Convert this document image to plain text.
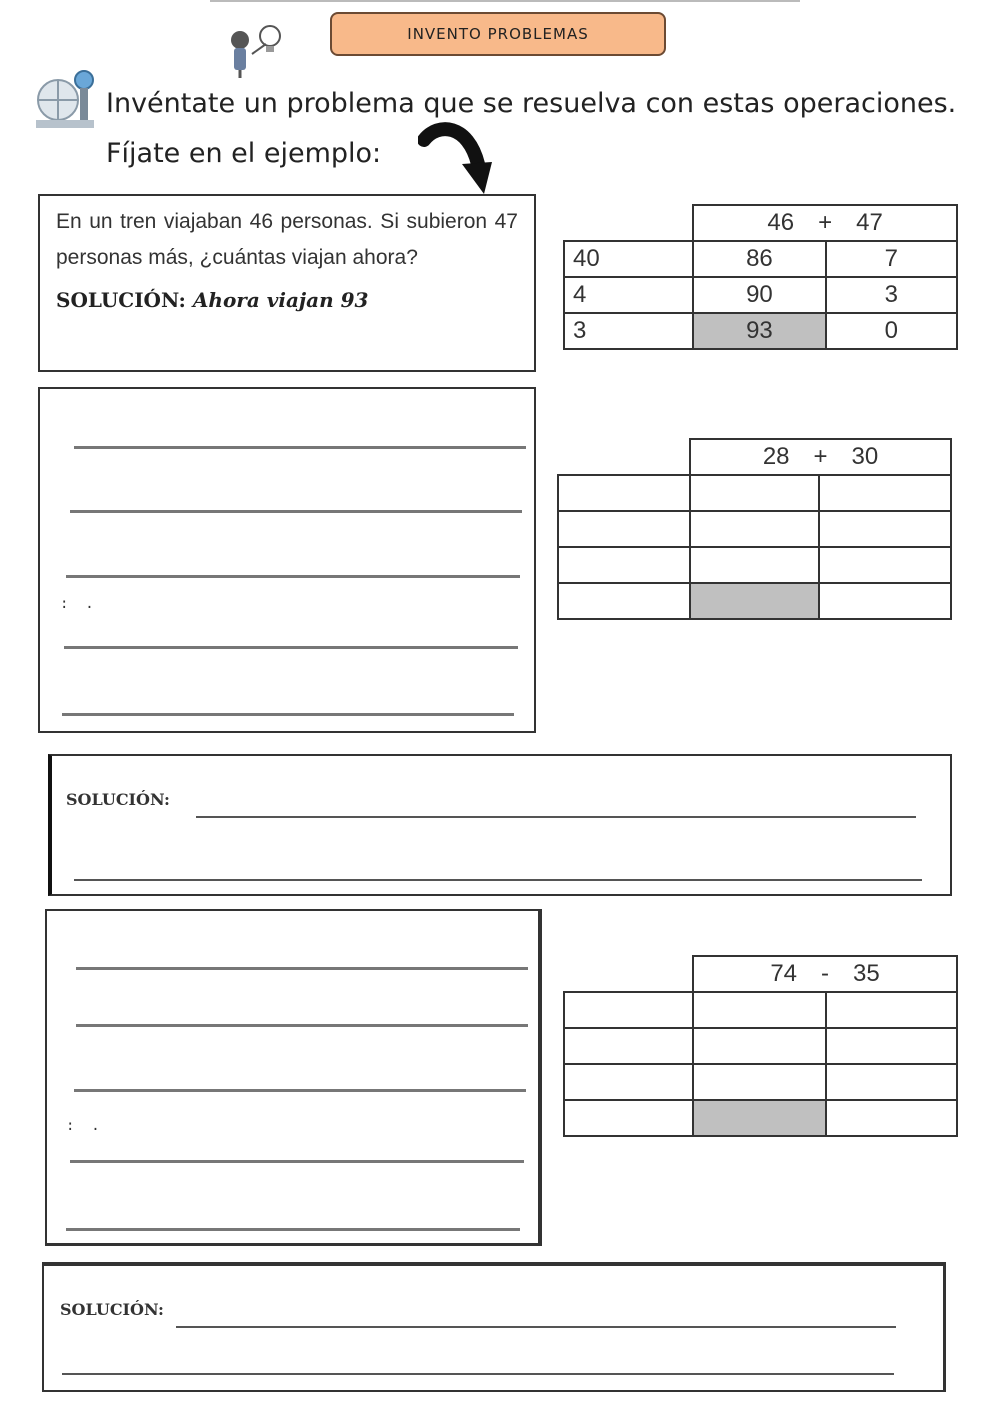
INVENTO PROBLEMAS
Invéntate un problema que se resuelva con estas operaciones.
Fíjate en el ejemplo:

En un tren viajaban 46 personas. Si subieron 47 personas más, ¿cuántas viajan ahora?

SOLUCIÓN: Ahora viajan 93

	46 + 47	

40	86	7
4	90	3
3	93	0
:  .

	28 + 30	

SOLUCIÓN:
:  .

	74 - 35	

SOLUCIÓN:
